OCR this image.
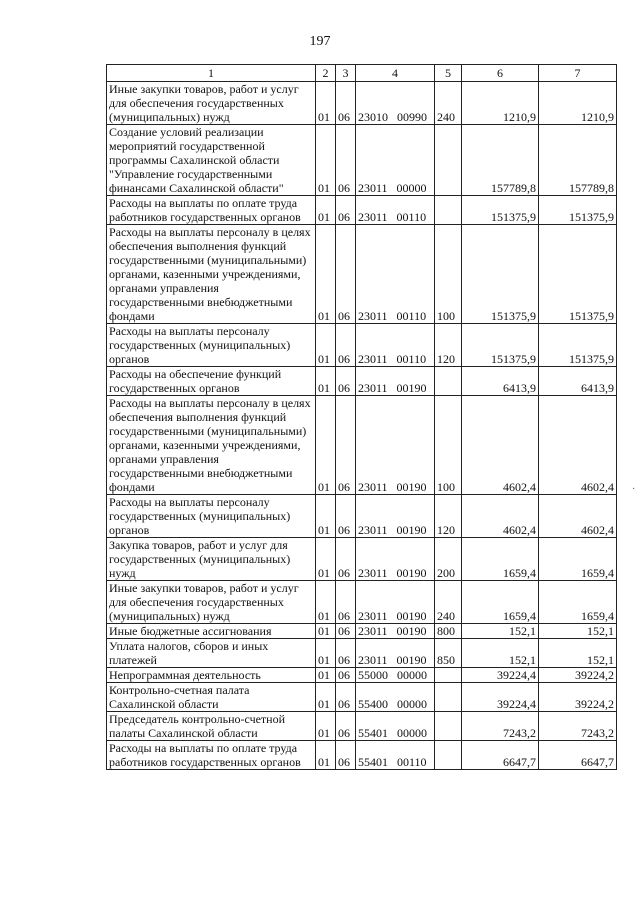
197
1	2	3	4	5	6	7
Иные закупки товаров, работ и услуг для обеспечения государственных (муниципальных) нужд	01	06	23010 00990	240	1210,9	1210,9
Создание условий реализации мероприятий государственной программы Сахалинской области "Управление государственными финансами Сахалинской области"	01	06	23011 00000		157789,8	157789,8
Расходы на выплаты по оплате труда работников государственных органов	01	06	23011 00110		151375,9	151375,9
Расходы на выплаты персоналу в целях обеспечения выполнения функций государственными (муниципальными) органами, казенными учреждениями, органами управления государственными внебюджетными фондами	01	06	23011 00110	100	151375,9	151375,9
Расходы на выплаты персоналу государственных (муниципальных) органов	01	06	23011 00110	120	151375,9	151375,9
Расходы на обеспечение функций государственных органов	01	06	23011 00190		6413,9	6413,9
Расходы на выплаты персоналу в целях обеспечения выполнения функций государственными (муниципальными) органами, казенными учреждениями, органами управления государственными внебюджетными фондами	01	06	23011 00190	100	4602,4	4602,4
Расходы на выплаты персоналу государственных (муниципальных) органов	01	06	23011 00190	120	4602,4	4602,4
Закупка товаров, работ и услуг для государственных (муниципальных) нужд	01	06	23011 00190	200	1659,4	1659,4
Иные закупки товаров, работ и услуг для обеспечения государственных (муниципальных) нужд	01	06	23011 00190	240	1659,4	1659,4
Иные бюджетные ассигнования	01	06	23011 00190	800	152,1	152,1
Уплата налогов, сборов и иных платежей	01	06	23011 00190	850	152,1	152,1
Непрограммная деятельность	01	06	55000 00000		39224,4	39224,2
Контрольно-счетная палата Сахалинской области	01	06	55400 00000		39224,4	39224,2
Председатель контрольно-счетной палаты Сахалинской области	01	06	55401 00000		7243,2	7243,2
Расходы на выплаты по оплате труда работников государственных органов	01	06	55401 00110		6647,7	6647,7
·
